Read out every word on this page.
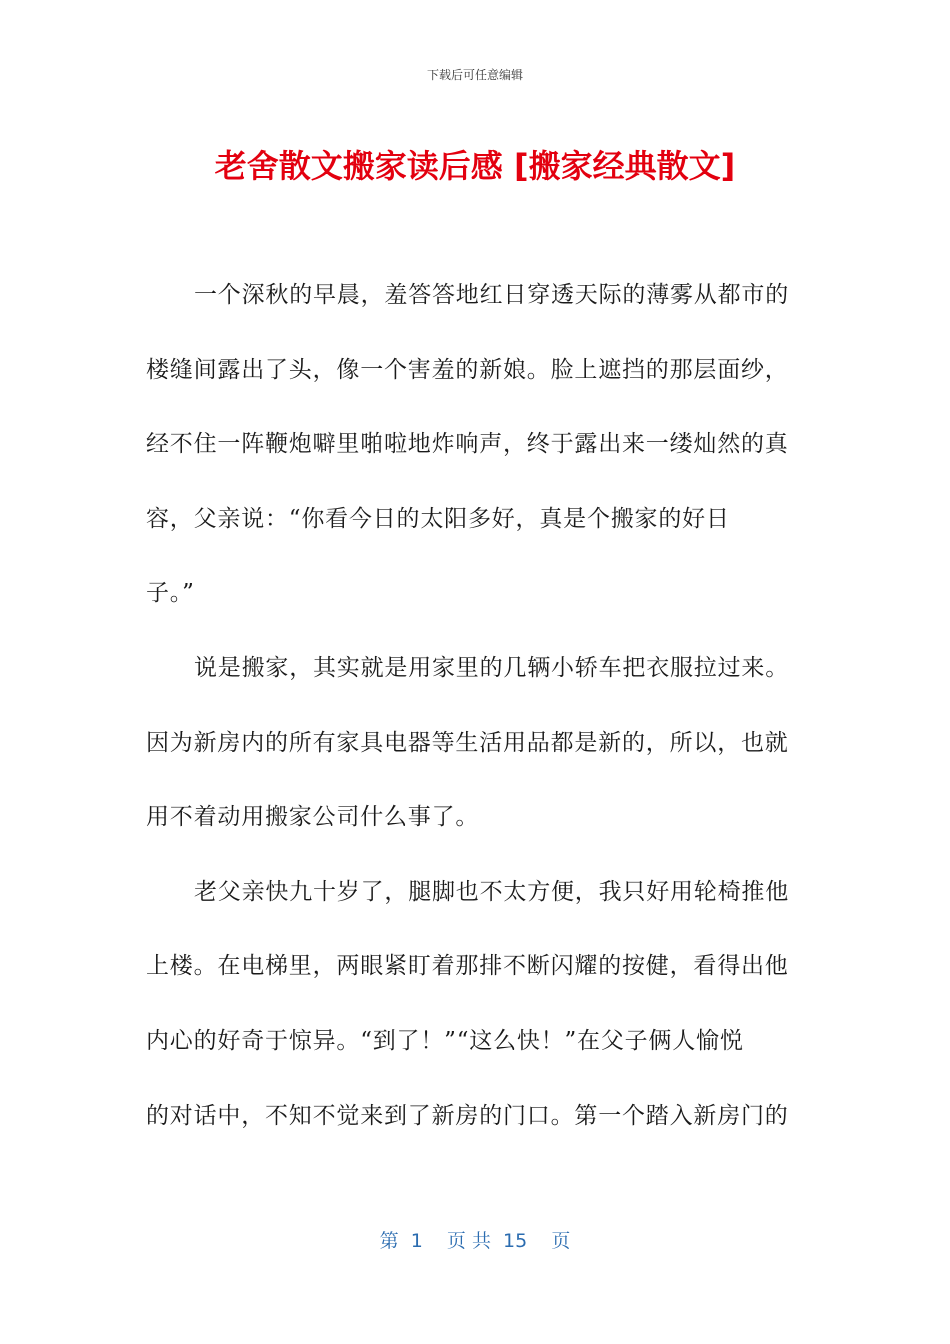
下载后可任意编辑
老舍散文搬家读后感 [搬家经典散文]
一个深秋的早晨，羞答答地红日穿透天际的薄雾从都市的
楼缝间露出了头，像一个害羞的新娘。脸上遮挡的那层面纱，
经不住一阵鞭炮噼里啪啦地炸响声，终于露出来一缕灿然的真
容，父亲说：“你看今日的太阳多好，真是个搬家的好日
子。”
说是搬家，其实就是用家里的几辆小轿车把衣服拉过来。
因为新房内的所有家具电器等生活用品都是新的，所以，也就
用不着动用搬家公司什么事了。
老父亲快九十岁了，腿脚也不太方便，我只好用轮椅推他
上楼。在电梯里，两眼紧盯着那排不断闪耀的按健，看得出他
内心的好奇于惊异。“到了！”“这么快！”在父子俩人愉悦
的对话中，不知不觉来到了新房的门口。第一个踏入新房门的
第  1    页 共  15    页
